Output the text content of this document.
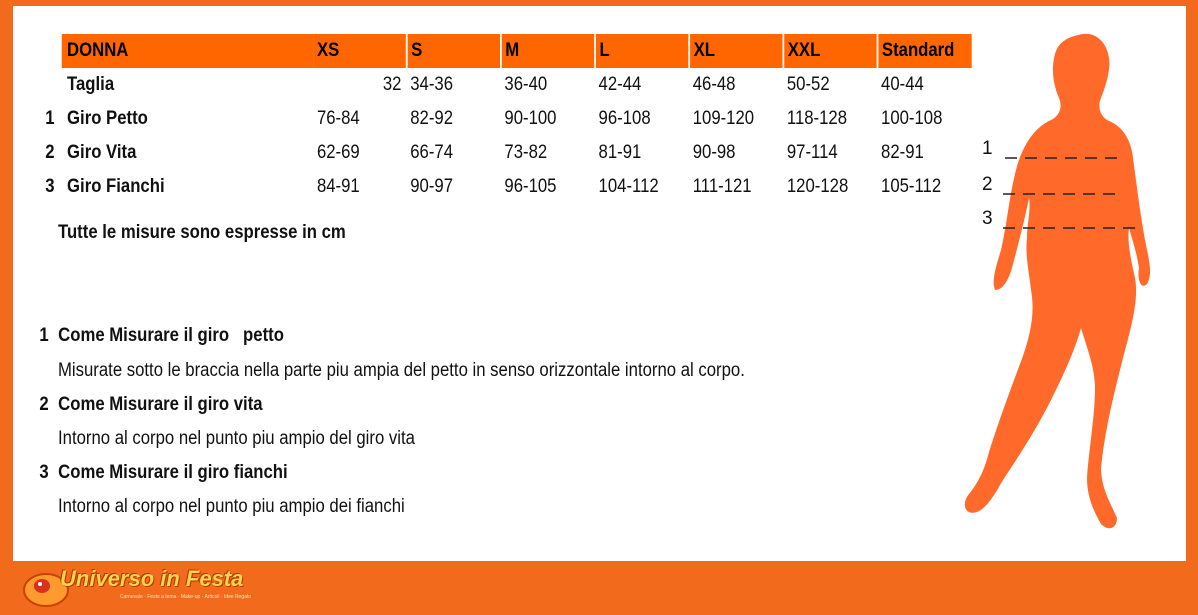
	DONNA	XS	S	M	L	XL	XXL	Standard
	Taglia	32	34-36	36-40	42-44	46-48	50-52	40-44
1	Giro Petto	76-84	82-92	90-100	96-108	109-120	118-128	100-108
2	Giro Vita	62-69	66-74	73-82	81-91	90-98	97-114	82-91
3	Giro Fianchi	84-91	90-97	96-105	104-112	111-121	120-128	105-112
Tutte le misure sono espresse in cm
1 Come Misurare il giro   petto
Misurate sotto le braccia nella parte piu ampia del petto in senso orizzontale intorno al corpo.
2 Come Misurare il giro vita
Intorno al corpo nel punto piu ampio del giro vita
3 Come Misurare il giro fianchi
Intorno al corpo nel punto piu ampio dei fianchi
1
2
3
Universo in Festa
Carnevale · Feste a tema · Make-up · Articoli · Idee Regalo
